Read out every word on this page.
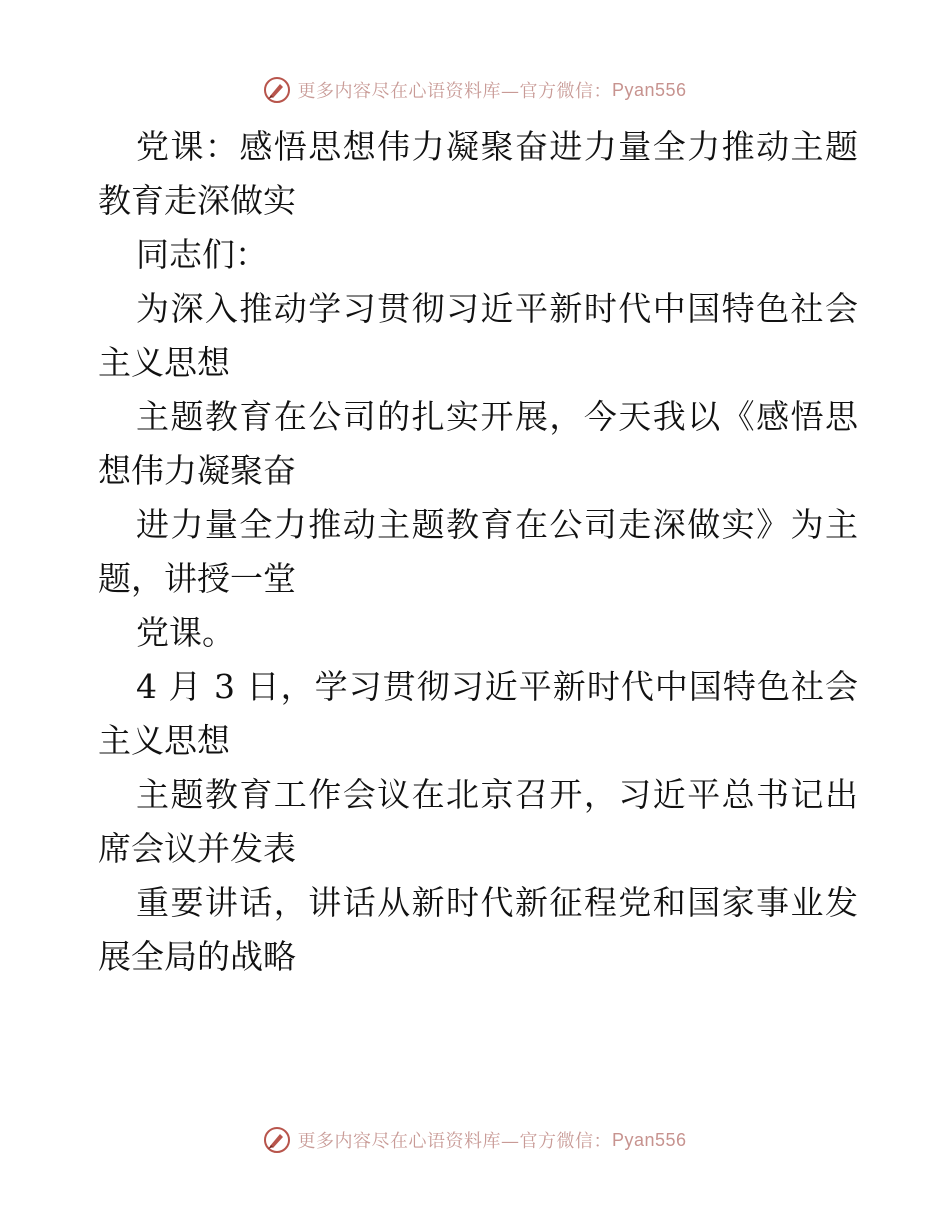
更多内容尽在心语资料库—官方微信： Pyan556
党课：感悟思想伟力凝聚奋进力量全力推动主题
教育走深做实
同志们：
为深入推动学习贯彻习近平新时代中国特色社会
主义思想
主题教育在公司的扎实开展，今天我以《感悟思
想伟力凝聚奋
进力量全力推动主题教育在公司走深做实》为主
题，讲授一堂
党课。
4 月 3 日，学习贯彻习近平新时代中国特色社会
主义思想
主题教育工作会议在北京召开，习近平总书记出
席会议并发表
重要讲话，讲话从新时代新征程党和国家事业发
展全局的战略
更多内容尽在心语资料库—官方微信： Pyan556
